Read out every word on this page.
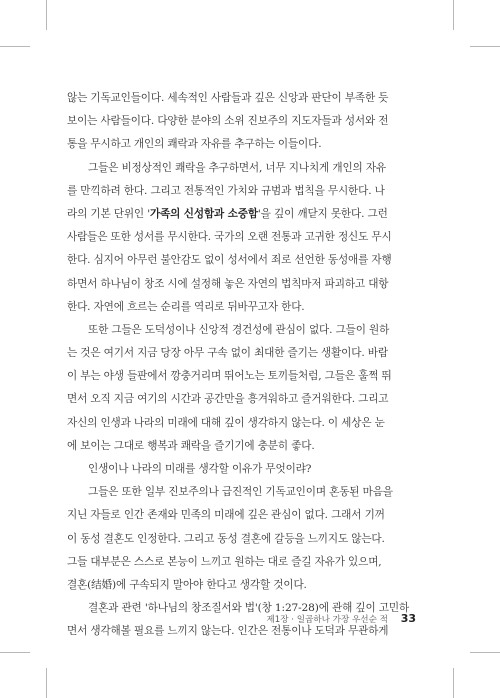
않는 기독교인들이다. 세속적인 사람들과 깊은 신앙과 판단이 부족한 듯
보이는 사람들이다. 다양한 분야의 소위 진보주의 지도자들과 성서와 전
통을 무시하고 개인의 쾌락과 자유를 추구하는 이들이다.
그들은 비정상적인 쾌락을 추구하면서, 너무 지나치게 개인의 자유
를 만끽하려 한다. 그리고 전통적인 가치와 규범과 법칙을 무시한다. 나
라의 기본 단위인 '가족의 신성함과 소중함'을 깊이 깨닫지 못한다. 그런
사람들은 또한 성서를 무시한다. 국가의 오랜 전통과 고귀한 정신도 무시
한다. 심지어 아무런 불안감도 없이 성서에서 죄로 선언한 동성애를 자행
하면서 하나님이 창조 시에 설정해 놓은 자연의 법칙마저 파괴하고 대항
한다. 자연에 흐르는 순리를 역리로 뒤바꾸고자 한다.
또한 그들은 도덕성이나 신앙적 경건성에 관심이 없다. 그들이 원하
는 것은 여기서 지금 당장 아무 구속 없이 최대한 즐기는 생활이다. 바람
이 부는 야생 들판에서 깡충거리며 뛰어노는 토끼들처럼, 그들은 훌쩍 뛰
면서 오직 지금 여기의 시간과 공간만을 흥겨워하고 즐거워한다. 그리고
자신의 인생과 나라의 미래에 대해 깊이 생각하지 않는다. 이 세상은 눈
에 보이는 그대로 행복과 쾌락을 즐기기에 충분히 좋다.
인생이나 나라의 미래를 생각할 이유가 무엇이랴?
그들은 또한 일부 진보주의나 급진적인 기독교인이며 혼동된 마음을
지닌 자들로 인간 존재와 민족의 미래에 깊은 관심이 없다. 그래서 기꺼
이 동성 결혼도 인정한다. 그리고 동성 결혼에 갈등을 느끼지도 않는다.
그들 대부분은 스스로 본능이 느끼고 원하는 대로 즐길 자유가 있으며,
결혼(结婚)에 구속되지 말아야 한다고 생각할 것이다.
결혼과 관련 '하나님의 창조질서와 법'(창 1:27-28)에 관해 깊이 고민하
면서 생각해볼 필요를 느끼지 않는다. 인간은 전통이나 도덕과 무관하게
제1장 · 일곱하나 가장 우선순 적 33
